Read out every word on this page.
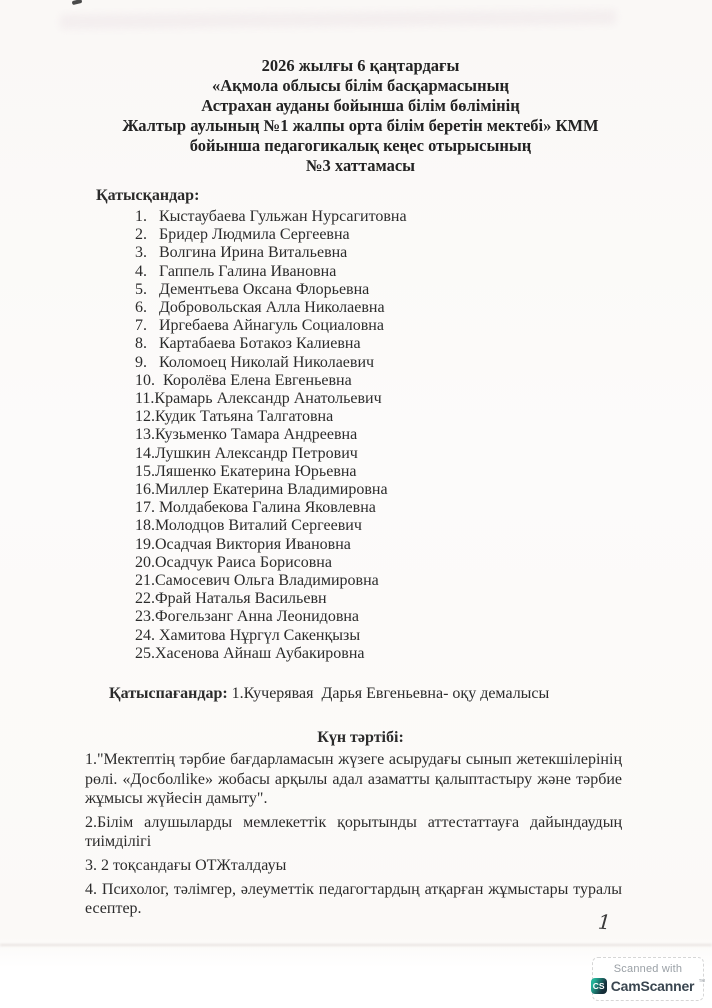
2026 жылғы 6 қаңтардағы
«Ақмола облысы білім басқармасының
Астрахан ауданы бойынша білім бөлімінің
Жалтыр аулының №1 жалпы орта білім беретін мектебі» КММ
бойынша педагогикалық кеңес отырысының
№3 хаттамасы
Қатысқандар:
1.   Кыстаубаева Гульжан Нурсагитовна
2.   Бридер Людмила Сергеевна
3.   Волгина Ирина Витальевна
4.   Гаппель Галина Ивановна
5.   Дементьева Оксана Флорьевна
6.   Добровольская Алла Николаевна
7.   Иргебаева Айнагуль Социаловна
8.   Картабаева Ботакоз Калиевна
9.   Коломоец Николай Николаевич
10.  Королёва Елена Евгеньевна
11.Крамарь Александр Анатольевич
12.Кудик Татьяна Талгатовна
13.Кузьменко Тамара Андреевна
14.Лушкин Александр Петрович
15.Ляшенко Екатерина Юрьевна
16.Миллер Екатерина Владимировна
17. Молдабекова Галина Яковлевна
18.Молодцов Виталий Сергеевич
19.Осадчая Виктория Ивановна
20.Осадчук Раиса Борисовна
21.Самосевич Ольга Владимировна
22.Фрай Наталья Васильевн
23.Фогельзанг Анна Леонидовна
24. Хамитова Нұргүл Сакенқызы
25.Хасенова Айнаш Аубакировна

Қатыспағандар: 1.Кучерявая  Дарья Евгеньевна- оқу демалысы

Күн тәртібі:

1."Мектептің тәрбие бағдарламасын жүзеге асырудағы сынып жетекшілерінің рөлі. «Досболlike» жобасы арқылы адал азаматты қалыптастыру және тәрбие жұмысы жүйесін дамыту".

2.Білім алушыларды мемлекеттік қорытынды аттестаттауға дайындаудың тиімділігі

3. 2 тоқсандағы ОТЖталдауы

4. Психолог, тәлімгер, әлеуметтік педагогтардың атқарған жұмыстары туралы есептер.

1
Scanned with
CS CamScanner ™
